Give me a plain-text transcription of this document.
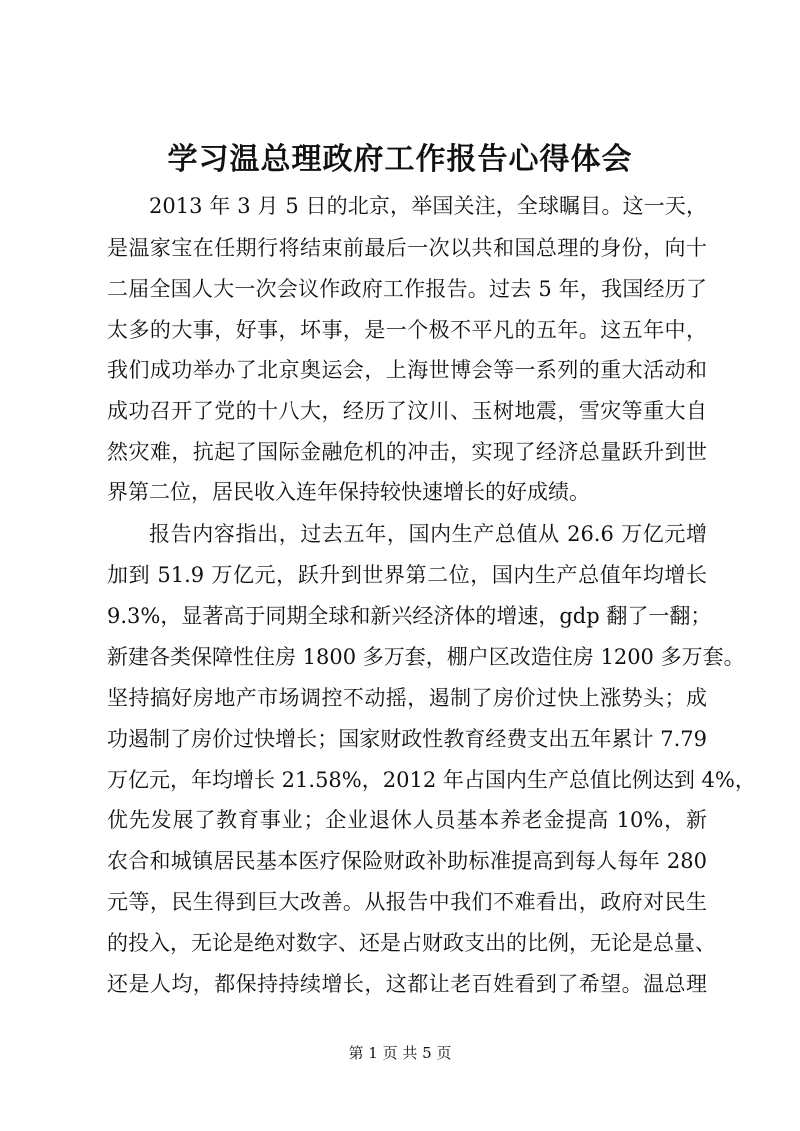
学习温总理政府工作报告心得体会
2013 年 3 月 5 日的北京，举国关注，全球瞩目。这一天，
是温家宝在任期行将结束前最后一次以共和国总理的身份，向十
二届全国人大一次会议作政府工作报告。过去 5 年，我国经历了
太多的大事，好事，坏事，是一个极不平凡的五年。这五年中，
我们成功举办了北京奥运会，上海世博会等一系列的重大活动和
成功召开了党的十八大，经历了汶川、玉树地震，雪灾等重大自
然灾难，抗起了国际金融危机的冲击，实现了经济总量跃升到世
界第二位，居民收入连年保持较快速增长的好成绩。
报告内容指出，过去五年，国内生产总值从 26.6 万亿元增
加到 51.9 万亿元，跃升到世界第二位，国内生产总值年均增长
9.3%，显著高于同期全球和新兴经济体的增速，gdp 翻了一翻；
新建各类保障性住房 1800 多万套，棚户区改造住房 1200 多万套。
坚持搞好房地产市场调控不动摇，遏制了房价过快上涨势头；成
功遏制了房价过快增长；国家财政性教育经费支出五年累计 7.79
万亿元，年均增长 21.58%，2012 年占国内生产总值比例达到 4%，
优先发展了教育事业；企业退休人员基本养老金提高 10%，新
农合和城镇居民基本医疗保险财政补助标准提高到每人每年 280
元等，民生得到巨大改善。从报告中我们不难看出，政府对民生
的投入，无论是绝对数字、还是占财政支出的比例，无论是总量、
还是人均，都保持持续增长，这都让老百姓看到了希望。温总理
第 1 页 共 5 页
